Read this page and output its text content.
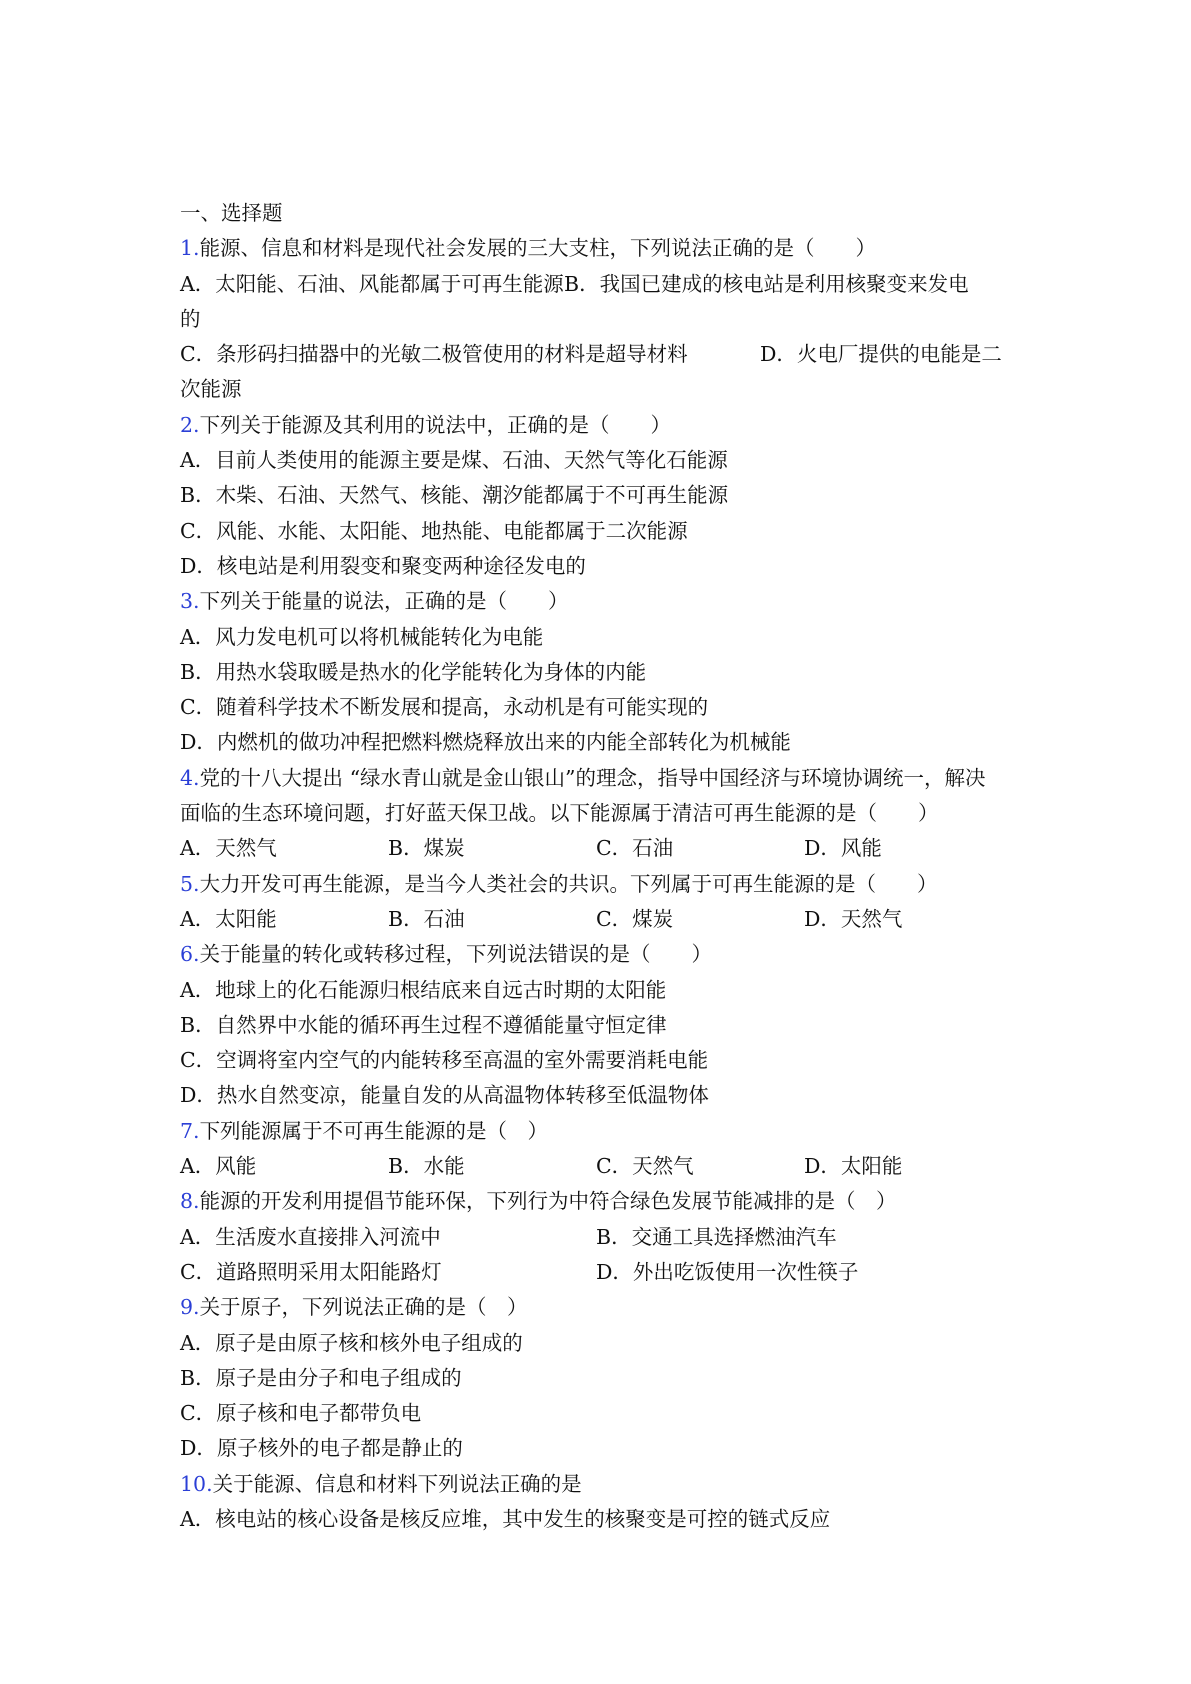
一、选择题
1.能源、信息和材料是现代社会发展的三大支柱，下列说法正确的是（　　）
A．太阳能、石油、风能都属于可再生能源 B．我国已建成的核电站是利用核聚变来发电
的
C．条形码扫描器中的光敏二极管使用的材料是超导材料	D．火电厂提供的电能是二
次能源
2.下列关于能源及其利用的说法中，正确的是（　　）
A．目前人类使用的能源主要是煤、石油、天然气等化石能源
B．木柴、石油、天然气、核能、潮汐能都属于不可再生能源
C．风能、水能、太阳能、地热能、电能都属于二次能源
D．核电站是利用裂变和聚变两种途径发电的
3.下列关于能量的说法，正确的是（　　）
A．风力发电机可以将机械能转化为电能
B．用热水袋取暖是热水的化学能转化为身体的内能
C．随着科学技术不断发展和提高，永动机是有可能实现的
D．内燃机的做功冲程把燃料燃烧释放出来的内能全部转化为机械能
4.党的十八大提出 “绿水青山就是金山银山”的理念，指导中国经济与环境协调统一，解决
面临的生态环境问题，打好蓝天保卫战。以下能源属于清洁可再生能源的是（　　）
A．天然气	B．煤炭	C．石油	D．风能
5.大力开发可再生能源，是当今人类社会的共识。下列属于可再生能源的是（　　）
A．太阳能	B．石油	C．煤炭	D．天然气
6.关于能量的转化或转移过程，下列说法错误的是（　　）
A．地球上的化石能源归根结底来自远古时期的太阳能
B．自然界中水能的循环再生过程不遵循能量守恒定律
C．空调将室内空气的内能转移至高温的室外需要消耗电能
D．热水自然变凉，能量自发的从高温物体转移至低温物体
7.下列能源属于不可再生能源的是（　）
A．风能	B．水能	C．天然气	D．太阳能
8.能源的开发利用提倡节能环保，下列行为中符合绿色发展节能减排的是（　）
A．生活废水直接排入河流中	B．交通工具选择燃油汽车
C．道路照明采用太阳能路灯	D．外出吃饭使用一次性筷子
9.关于原子，下列说法正确的是（　）
A．原子是由原子核和核外电子组成的
B．原子是由分子和电子组成的
C．原子核和电子都带负电
D．原子核外的电子都是静止的
10.关于能源、信息和材料下列说法正确的是
A．核电站的核心设备是核反应堆，其中发生的核聚变是可控的链式反应
